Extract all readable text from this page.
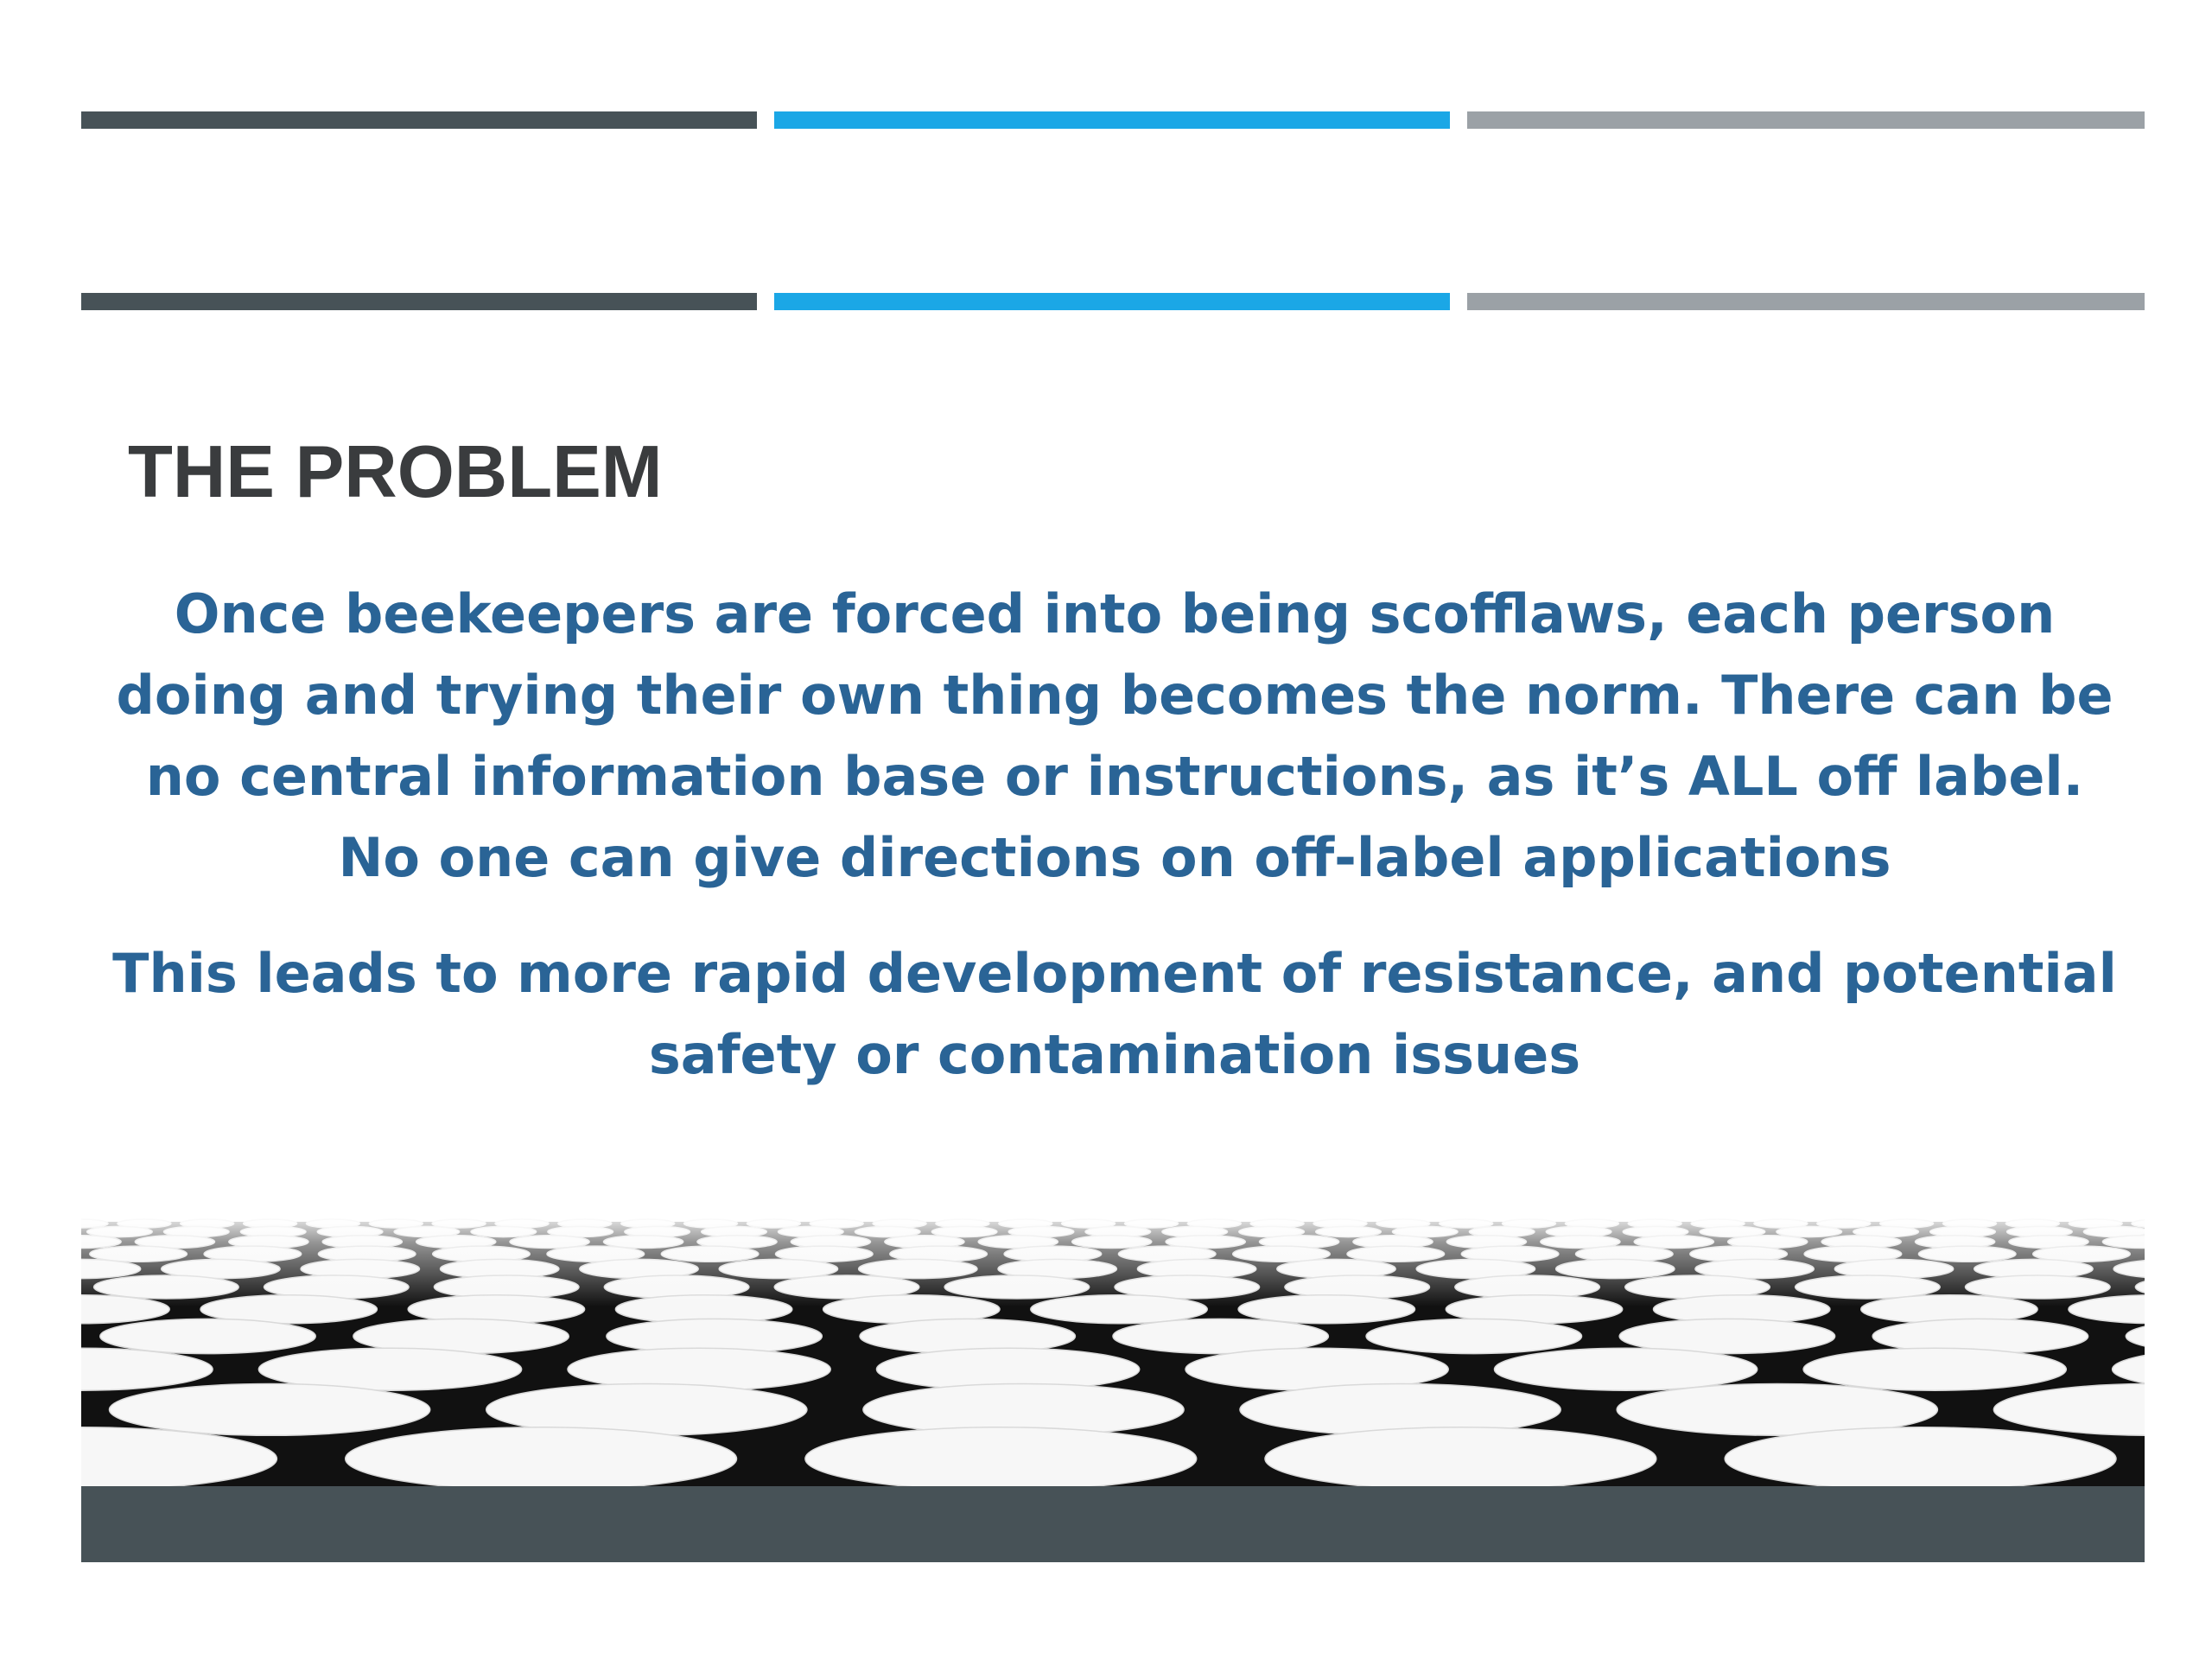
THE PROBLEM

Once beekeepers are forced into being scofflaws, each person doing and trying their own thing becomes the norm. There can be no central information base or instructions, as it’s ALL off label. No one can give directions on off-label applications

This leads to more rapid development of resistance, and potential safety or contamination issues
